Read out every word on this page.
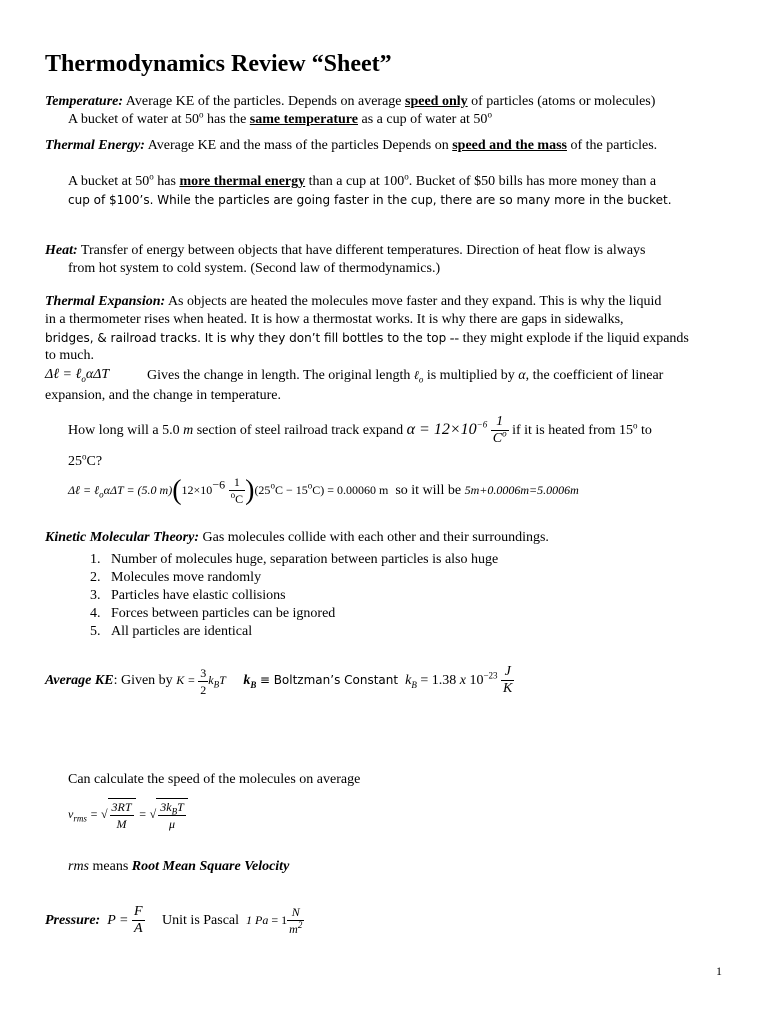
Thermodynamics Review “Sheet”
Temperature: Average KE of the particles. Depends on average speed only of particles (atoms or molecules)
A bucket of water at 50$^o$ has the same temperature as a cup of water at 50$^o$
Thermal Energy: Average KE and the mass of the particles Depends on speed and the mass of the particles.
A bucket at 50$^o$ has more thermal energy than a cup at 100$^o$. Bucket of $50 bills has more money than a
cup of $100’s. While the particles are going faster in the cup, there are so many more in the bucket.
Heat: Transfer of energy between objects that have different temperatures. Direction of heat flow is always
from hot system to cold system. (Second law of thermodynamics.)
Thermal Expansion: As objects are heated the molecules move faster and they expand. This is why the liquid
in a thermometer rises when heated. It is how a thermostat works. It is why there are gaps in sidewalks,
bridges, & railroad tracks. It is why they don’t fill bottles to the top -- they might explode if the liquid expands
to much.
Δℓ = ℓ$_o$αΔT	Gives the change in length. The original length ℓ$_o$ is multiplied by α, the coefficient of linear
expansion, and the change in temperature.
How long will a 5.0 m section of steel railroad track expand $\alpha = 12\times 10^{-6} \frac{1}{C^o}$ if it is heated from 15$^o$ to
25$^o$C?
Δℓ = ℓ$_o$αΔT = (5.0 $m)(12\times 10^{-6} \frac{1}{^oC} )(25^oC - 15^oC) = 0.00060$ m so it will be 5m+0.0006m=5.0006m
Kinetic Molecular Theory: Gas molecules collide with each other and their surroundings.
1.   Number of molecules huge, separation between particles is also huge
2.   Molecules move randomly
3.   Particles have elastic collisions
4.   Forces between particles can be ignored
5.   All particles are identical
Average KE: Given by $K = \frac{3}{2} k_BT$ $k_B$ ≡ Boltzman’s Constant $k_B = 1.38$ x $10^{-23} \frac{J}{K}$
Can calculate the speed of the molecules on average
$v_{rms}$ = √ $\frac{3RT}{M}$ = √ $\frac{3k_BT}{\mu}$
rms means Root Mean Square Velocity
Pressure: $P = \frac{F}{A}$ Unit is Pascal 1 $Pa = 1 \frac{N}{m^2}$
1
